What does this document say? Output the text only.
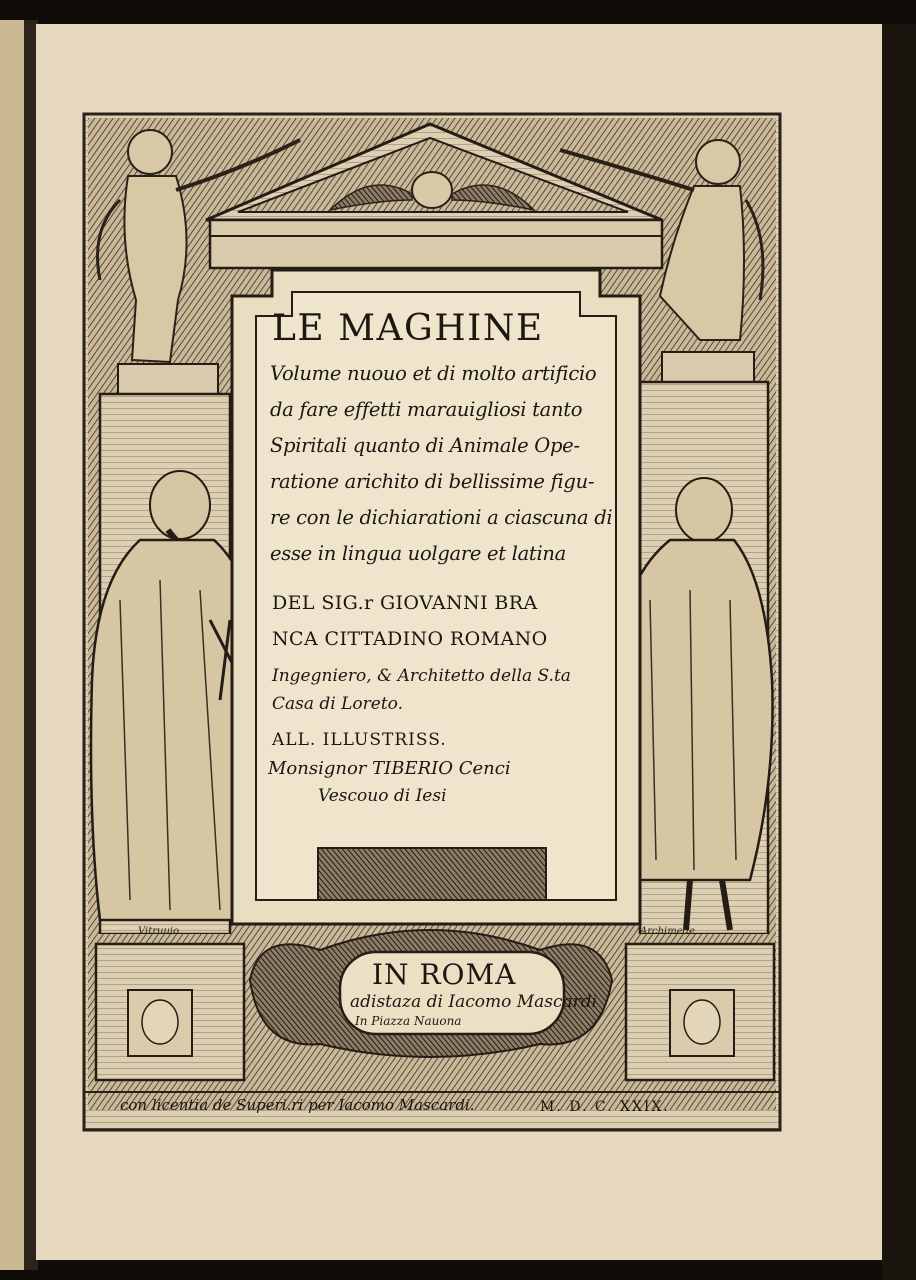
LE MAGHINE
Volume nuouo et di molto artificio
da fare effetti marauigliosi tanto
Spiritali quanto di Animale Ope-
ratione arichito di bellissime figu-
re con le dichiarationi a ciascuna di
esse in lingua uolgare et latina
DEL SIG.r GIOVANNI BRA
NCA CITTADINO ROMANO
Ingegniero, & Architetto della S.ta
Casa di Loreto.
ALL. ILLUSTRISS.
Monsignor TIBERIO Cenci
Vescouo di Iesi
Vitruuio	Archimede
IN ROMA
adistaza di Iacomo Mascardi
In Piazza Nauona
con licentia de Superi.ri per Iacomo Mascardi.	M. D. C. XXIX.
